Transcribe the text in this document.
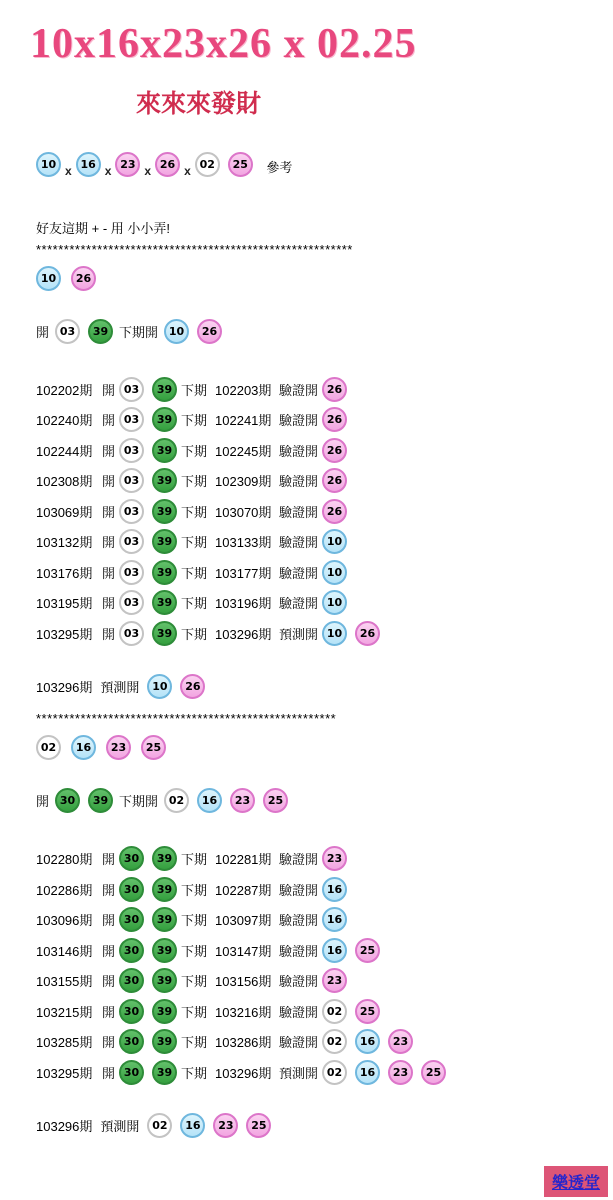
10x16x23x26 x 02.25
來來來發財
10 x 16 x 23 x 26 x 02 25 參考
好友這期 + - 用 小小弄!
*********************************************************
10 26
開 03 39 下期開 10 26
102202期 開 03 39 下期 102203期 驗證開 26
102240期 開 03 39 下期 102241期 驗證開 26
102244期 開 03 39 下期 102245期 驗證開 26
102308期 開 03 39 下期 102309期 驗證開 26
103069期 開 03 39 下期 103070期 驗證開 26
103132期 開 03 39 下期 103133期 驗證開 10
103176期 開 03 39 下期 103177期 驗證開 10
103195期 開 03 39 下期 103196期 驗證開 10
103295期 開 03 39 下期 103296期 預測開 10 26
103296期 預測開	10 26
******************************************************
02 16 23 25
開 30 39 下期開 02 16 23 25
102280期 開 30 39 下期 102281期 驗證開 23
102286期 開 30 39 下期 102287期 驗證開 16
103096期 開 30 39 下期 103097期 驗證開 16
103146期 開 30 39 下期 103147期 驗證開 16 25
103155期 開 30 39 下期 103156期 驗證開 23
103215期 開 30 39 下期 103216期 驗證開 02 25
103285期 開 30 39 下期 103286期 驗證開 02 16 23
103295期 開 30 39 下期 103296期 預測開 02 16 23 25
103296期 預測開	02 16 23 25
樂透堂
